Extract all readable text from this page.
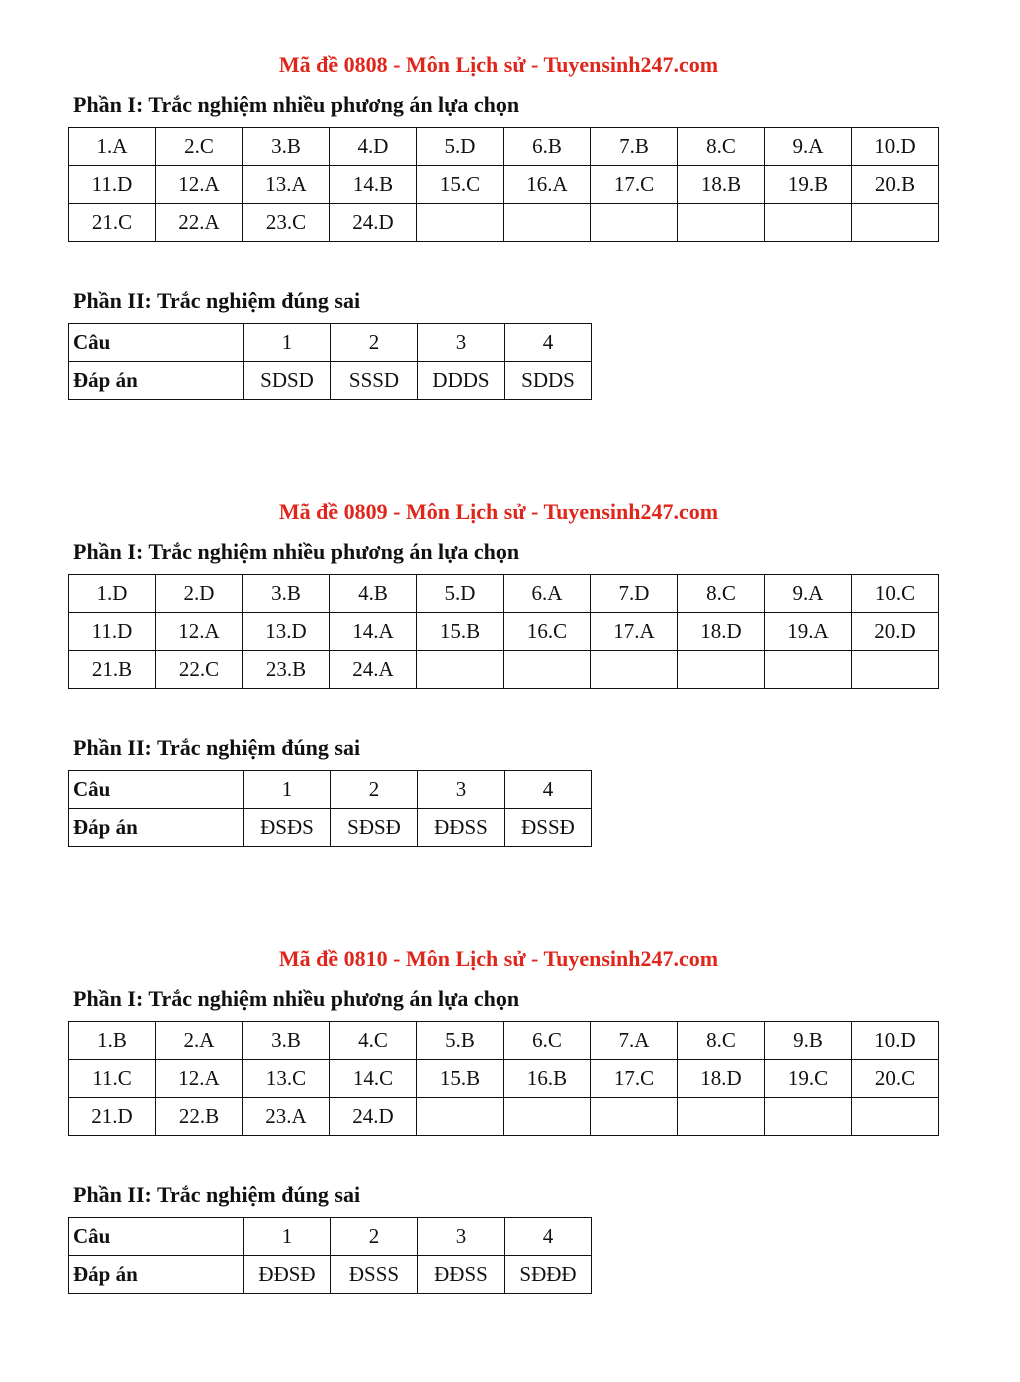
Mã đề 0808 - Môn Lịch sử - Tuyensinh247.com
Phần I: Trắc nghiệm nhiều phương án lựa chọn
1.A	2.C	3.B	4.D	5.D	6.B	7.B	8.C	9.A	10.D
11.D	12.A	13.A	14.B	15.C	16.A	17.C	18.B	19.B	20.B
21.C	22.A	23.C	24.D						
Phần II: Trắc nghiệm đúng sai
Câu	1	2	3	4
Đáp án	SDSD	SSSD	DDDS	SDDS
Mã đề 0809 - Môn Lịch sử - Tuyensinh247.com
Phần I: Trắc nghiệm nhiều phương án lựa chọn
1.D	2.D	3.B	4.B	5.D	6.A	7.D	8.C	9.A	10.C
11.D	12.A	13.D	14.A	15.B	16.C	17.A	18.D	19.A	20.D
21.B	22.C	23.B	24.A						
Phần II: Trắc nghiệm đúng sai
Câu	1	2	3	4
Đáp án	ĐSĐS	SĐSĐ	ĐĐSS	ĐSSĐ
Mã đề 0810 - Môn Lịch sử - Tuyensinh247.com
Phần I: Trắc nghiệm nhiều phương án lựa chọn
1.B	2.A	3.B	4.C	5.B	6.C	7.A	8.C	9.B	10.D
11.C	12.A	13.C	14.C	15.B	16.B	17.C	18.D	19.C	20.C
21.D	22.B	23.A	24.D						
Phần II: Trắc nghiệm đúng sai
Câu	1	2	3	4
Đáp án	ĐĐSĐ	ĐSSS	ĐĐSS	SĐĐĐ
